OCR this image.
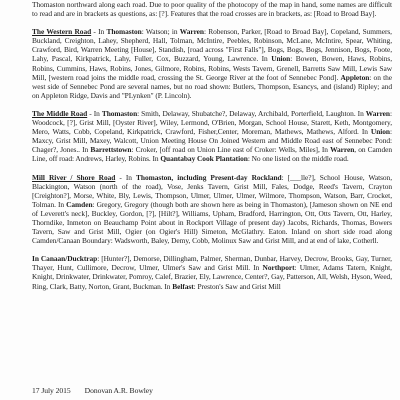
Thomaston northward along each road. Due to poor quality of the photocopy of the map in hand, some names are difficult to read and are in brackets as questions, as: [?]. Features that the road crosses are in brackets, as: [Road to Broad Bay].

The Western Road - In Thomaston: Watson; in Warren: Robenson, Parker, [Road to Broad Bay], Copeland, Summers, Buckland, Creighton, Lahey, Shepherd, Hall, Tolman, McIntire, Peebles, Robinson, McLane, McIntire, Spear, Whiting, Crawford, Bird, Warren Meeting [House], Standish, [road across "First Falls"], Bogs, Bogs, Bogs, Jennison, Bogs, Foote, Lahy, Pascal, Kirkpatrick, Lahy, Fuller, Cox, Buzzard, Young, Lawrence. In Union: Bowen, Bowen, Haws, Robins, Robins, Cummins, Haws, Robins, Jones, Gilmore, Robins, Robins, Wests Tavern, Grenell, Barretts Saw Mill, Lewis Saw Mill, [western road joins the middle road, crossing the St. George River at the foot of Sennebec Pond]. Appleton: on the west side of Sennebec Pond are several names, but no road shown: Butlers, Thompson, Esancys, and (island) Ripley; and on Appleton Ridge, Davis and "PLynken" (P. Lincoln).

The Middle Road - In Thomaston: Smith, Delaway, Shubatche?, Delaway, Archibald, Porterfield, Laughton. In Warren: Woodcock, [?], Grist Mill, [Oyster River], Wiley, Lermond, O'Brien, Morgan, School House, Starett, Keth, Montgomery, Mero, Watts, Cobb, Copeland, Kirkpatrick, Crawford, Fisher,Center, Moreman, Mathews, Mathews, Alford. In Union: Maxcy, Grist Mill, Maxey, Walcott, Union Meeting House On Joined Western and Middle Road east of Sennebec Pond: Chager?, Jones.. In Barrettstown: Croker, [off road on Union Line east of Croker: Wells, Miles], In Warren, on Camden Line, off road: Andrews, Harley, Robins. In Quantabay Cook Plantation: No one listed on the middle road.

Mill River / Shore Road - In Thomaston, including Present-day Rockland: [___lle?], School House, Watson, Blackington, Watson (north of the road), Vose, Jenks Tavern, Grist Mill, Fales, Dodge, Reed's Tavern, Crayton [Creighton?], Morse, White, Bly, Lewis, Thompson, Ulmer, Ulmer, Ulmer, Wilmore, Thompson, Watson, Barr, Crocket, Tolman. In Camden: Gregory, Gregory (though both are shown here as being in Thomaston), [Jameson shown on NE end of Leverett's neck], Buckley, Gordon, [?], [Hilt?], Williams, Upham, Bradford, Harrington, Ott, Otts Tavern, Ott, Harley, Thorndike, Inmeton on Beauchamp Point about in Rockport Village of present day) Jacobs, Richards, Thomas, Bowers Tavern, Saw and Grist Mill, Ogier (on Ogier's Hill) Simeton, McGlathry. Eaton. Inland on short side road along Camden/Canaan Boundary: Wadsworth, Baley, Demy, Cobb, Molinux Saw and Grist Mill, and at end of lake, Cotherll.

In Canaan/Ducktrap: [Hunter?], Demorse, Dillingham, Palmer, Sherman, Dunbar, Harvey, Decrow, Brooks, Gay, Turner, Thayer, Hunt, Cullimore, Decrow, Ulmer, Ulmer's Saw and Grist Mill. In Northport: Ulmer, Adams Tatern, Knight, Knight, Drinkwater, Drinkwater, Pomroy, Calef, Brazier, Ely, Lawrence, Center?, Gay, Patterson, All, Welsh, Hyson, Weed, Ring, Clark, Batty, Norton, Grant, Buckman. In Belfast: Preston's Saw and Grist Mill

17 July 2015 Donovan A.R. Bowley
